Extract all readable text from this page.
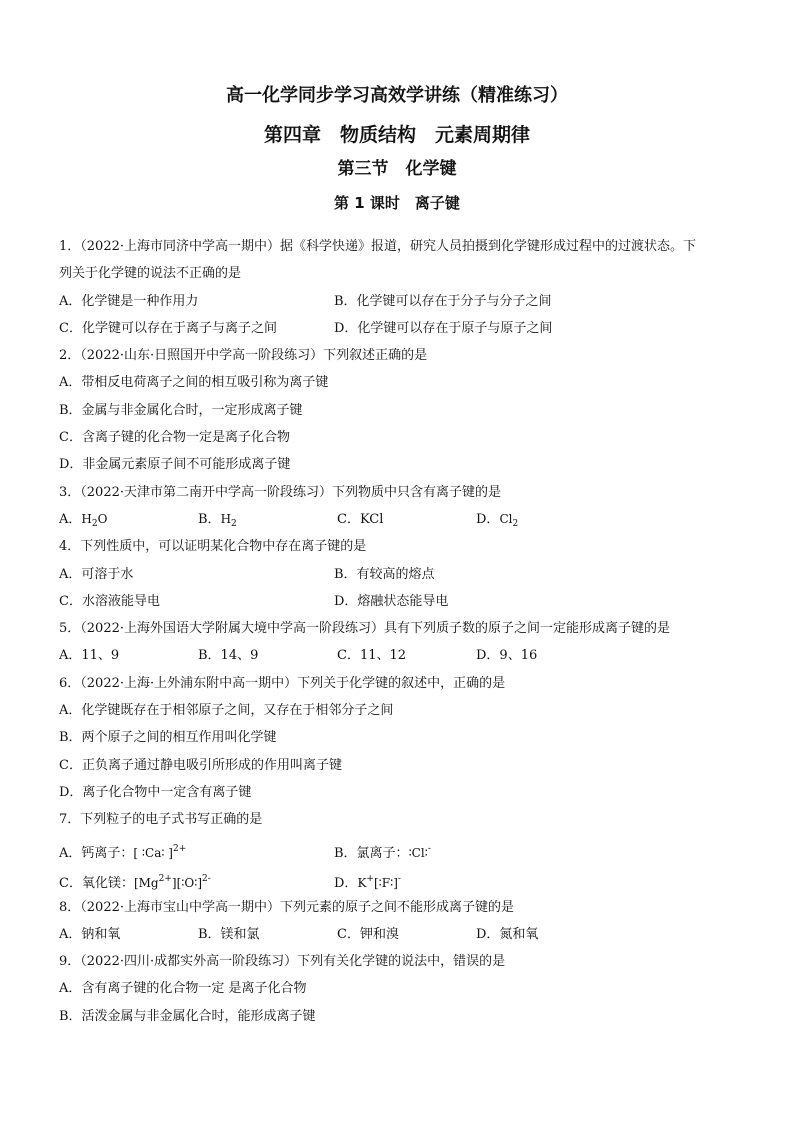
高一化学同步学习高效学讲练（精准练习）
第四章　物质结构　元素周期律
第三节　化学键
第 1 课时　离子键
1．（2022·上海市同济中学高一期中）据《科学快递》报道，研究人员拍摄到化学键形成过程中的过渡状态。下
列关于化学键的说法不正确的是
A．化学键是一种作用力	B．化学键可以存在于分子与分子之间
C．化学键可以存在于离子与离子之间	D．化学键可以存在于原子与原子之间
2．（2022·山东·日照国开中学高一阶段练习）下列叙述正确的是
A．带相反电荷离子之间的相互吸引称为离子键
B．金属与非金属化合时，一定形成离子键
C．含离子键的化合物一定是离子化合物
D．非金属元素原子间不可能形成离子键
3．（2022·天津市第二南开中学高一阶段练习）下列物质中只含有离子键的是
A．$H_2O$	B．$H_2$	C．KCl	D．$Cl_2$
4．下列性质中，可以证明某化合物中存在离子键的是
A．可溶于水	B．有较高的熔点
C．水溶液能导电	D．熔融状态能导电
5．（2022·上海外国语大学附属大境中学高一阶段练习）具有下列质子数的原子之间一定能形成离子键的是
A．11、9	B．14、9	C．11、12	D．9、16
6．（2022·上海·上外浦东附中高一期中）下列关于化学键的叙述中，正确的是
A．化学键既存在于相邻原子之间，又存在于相邻分子之间
B．两个原子之间的相互作用叫化学键
C．正负离子通过静电吸引所形成的作用叫离子键
D．离子化合物中一定含有离子键
7．下列粒子的电子式书写正确的是
A．钙离子：[ ∶Ca∶ ]$^{2+}$	B．氯离子：∶Cl∶-
C．氧化镁：$[Mg^{2+}][∶O∶]^{2-}$	D．K+[∶F∶]-
8．（2022·上海市宝山中学高一期中）下列元素的原子之间不能形成离子键的是
A．钠和氧	B．镁和氯	C．钾和溴	D．氮和氧
9．（2022·四川·成都实外高一阶段练习）下列有关化学键的说法中，错误的是
A．含有离子键的化合物一定 是离子化合物
B．活泼金属与非金属化合时，能形成离子键
